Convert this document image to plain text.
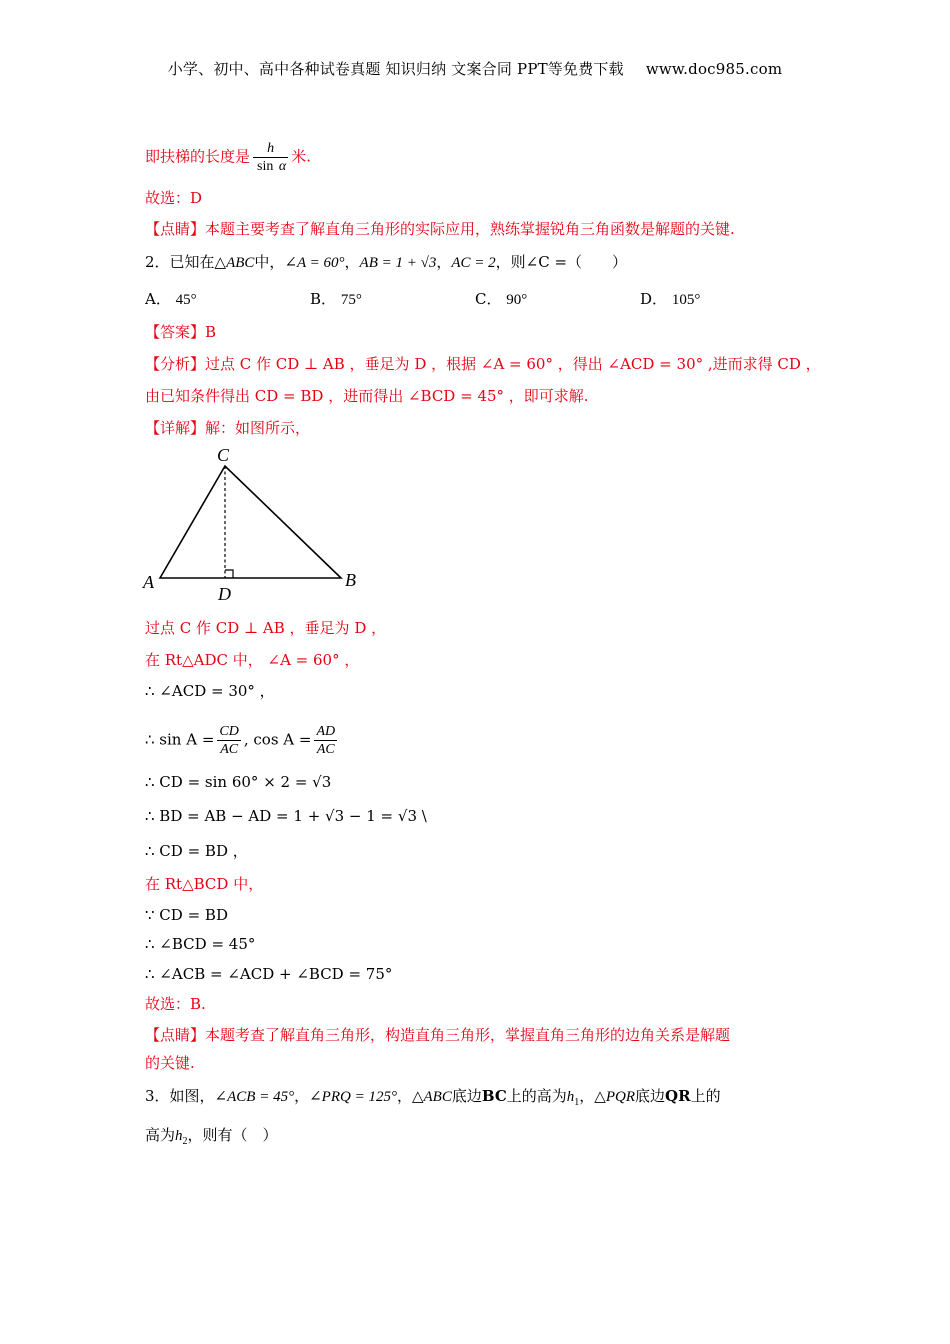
小学、初中、高中各种试卷真题 知识归纳 文案合同 PPT等免费下载 www.doc985.com
即扶梯的长度是 $\frac{h}{\text{sin α}}$ 米.
故选：D
【点睛】本题主要考查了解直角三角形的实际应用，熟练掌握锐角三角函数是解题的关键.
2．已知在△ABC中，∠A = 60°，AB = 1 + √3，AC = 2，则∠C =（　　）
A． 45°	B． 75°	C． 90°	D． 105°
【答案】B
【分析】过点 C 作 CD ⊥ AB ，垂足为 D ，根据 ∠A = 60° ，得出 ∠ACD = 30° ,进而求得 CD ，
由已知条件得出 CD = BD ，进而得出 ∠BCD = 45° ，即可求解.
【详解】解：如图所示，
C
A	B
D
过点 C 作 CD ⊥ AB ，垂足为 D ，
在 Rt△ADC 中， ∠A = 60° ，
∴ ∠ACD = 30° ，
∴ $\sin A = \frac{CD}{AC}$ , $\cos A = \frac{AD}{AC}$
∴ CD = sin 60° × 2 = √3
∴ BD = AB − AD = 1 + √3 − 1 = √3 \
∴ CD = BD ，
在 Rt△BCD 中，
∵ CD = BD
∴ ∠BCD = 45°
∴ ∠ACB = ∠ACD + ∠BCD = 75°
故选：B.
【点睛】本题考查了解直角三角形，构造直角三角形，掌握直角三角形的边角关系是解题
的关键.
3．如图，∠ACB = 45°，∠PRQ = 125°，△ABC底边BC上的高为$h_1$，△PQR底边QR上的
高为$h_2$，则有（　）
